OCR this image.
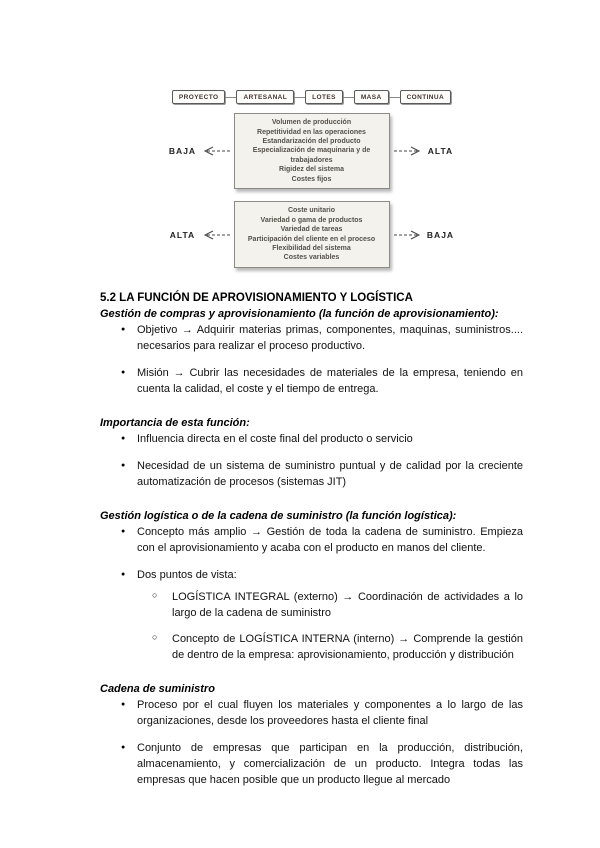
PROYECTO	ARTESANAL	LOTES	MASA	CONTINUA
BAJA
Volumen de producción
Repetitividad en las operaciones
Estandarización del producto
Especialización de maquinaria y de trabajadores
Rigidez del sistema
Costes fijos
ALTA
ALTA
Coste unitario
Variedad o gama de productos
Variedad de tareas
Participación del cliente en el proceso
Flexibilidad del sistema
Costes variables
BAJA
5.2 LA FUNCIÓN DE APROVISIONAMIENTO Y LOGÍSTICA
Gestión de compras y aprovisionamiento (la función de aprovisionamiento):
● Objetivo → Adquirir materias primas, componentes, maquinas, suministros.... necesarios para realizar el proceso productivo.
● Misión → Cubrir las necesidades de materiales de la empresa, teniendo en cuenta la calidad, el coste y el tiempo de entrega.
Importancia de esta función:
● Influencia directa en el coste final del producto o servicio
● Necesidad de un sistema de suministro puntual y de calidad por la creciente automatización de procesos (sistemas JIT)
Gestión logística o de la cadena de suministro (la función logística):
● Concepto más amplio → Gestión de toda la cadena de suministro. Empieza con el aprovisionamiento y acaba con el producto en manos del cliente.
● Dos puntos de vista:
○ LOGÍSTICA INTEGRAL (externo) → Coordinación de actividades a lo largo de la cadena de suministro
○ Concepto de LOGÍSTICA INTERNA (interno) → Comprende la gestión de dentro de la empresa: aprovisionamiento, producción y distribución
Cadena de suministro
● Proceso por el cual fluyen los materiales y componentes a lo largo de las organizaciones, desde los proveedores hasta el cliente final
● Conjunto de empresas que participan en la producción, distribución, almacenamiento, y comercialización de un producto. Integra todas las empresas que hacen posible que un producto llegue al mercado
